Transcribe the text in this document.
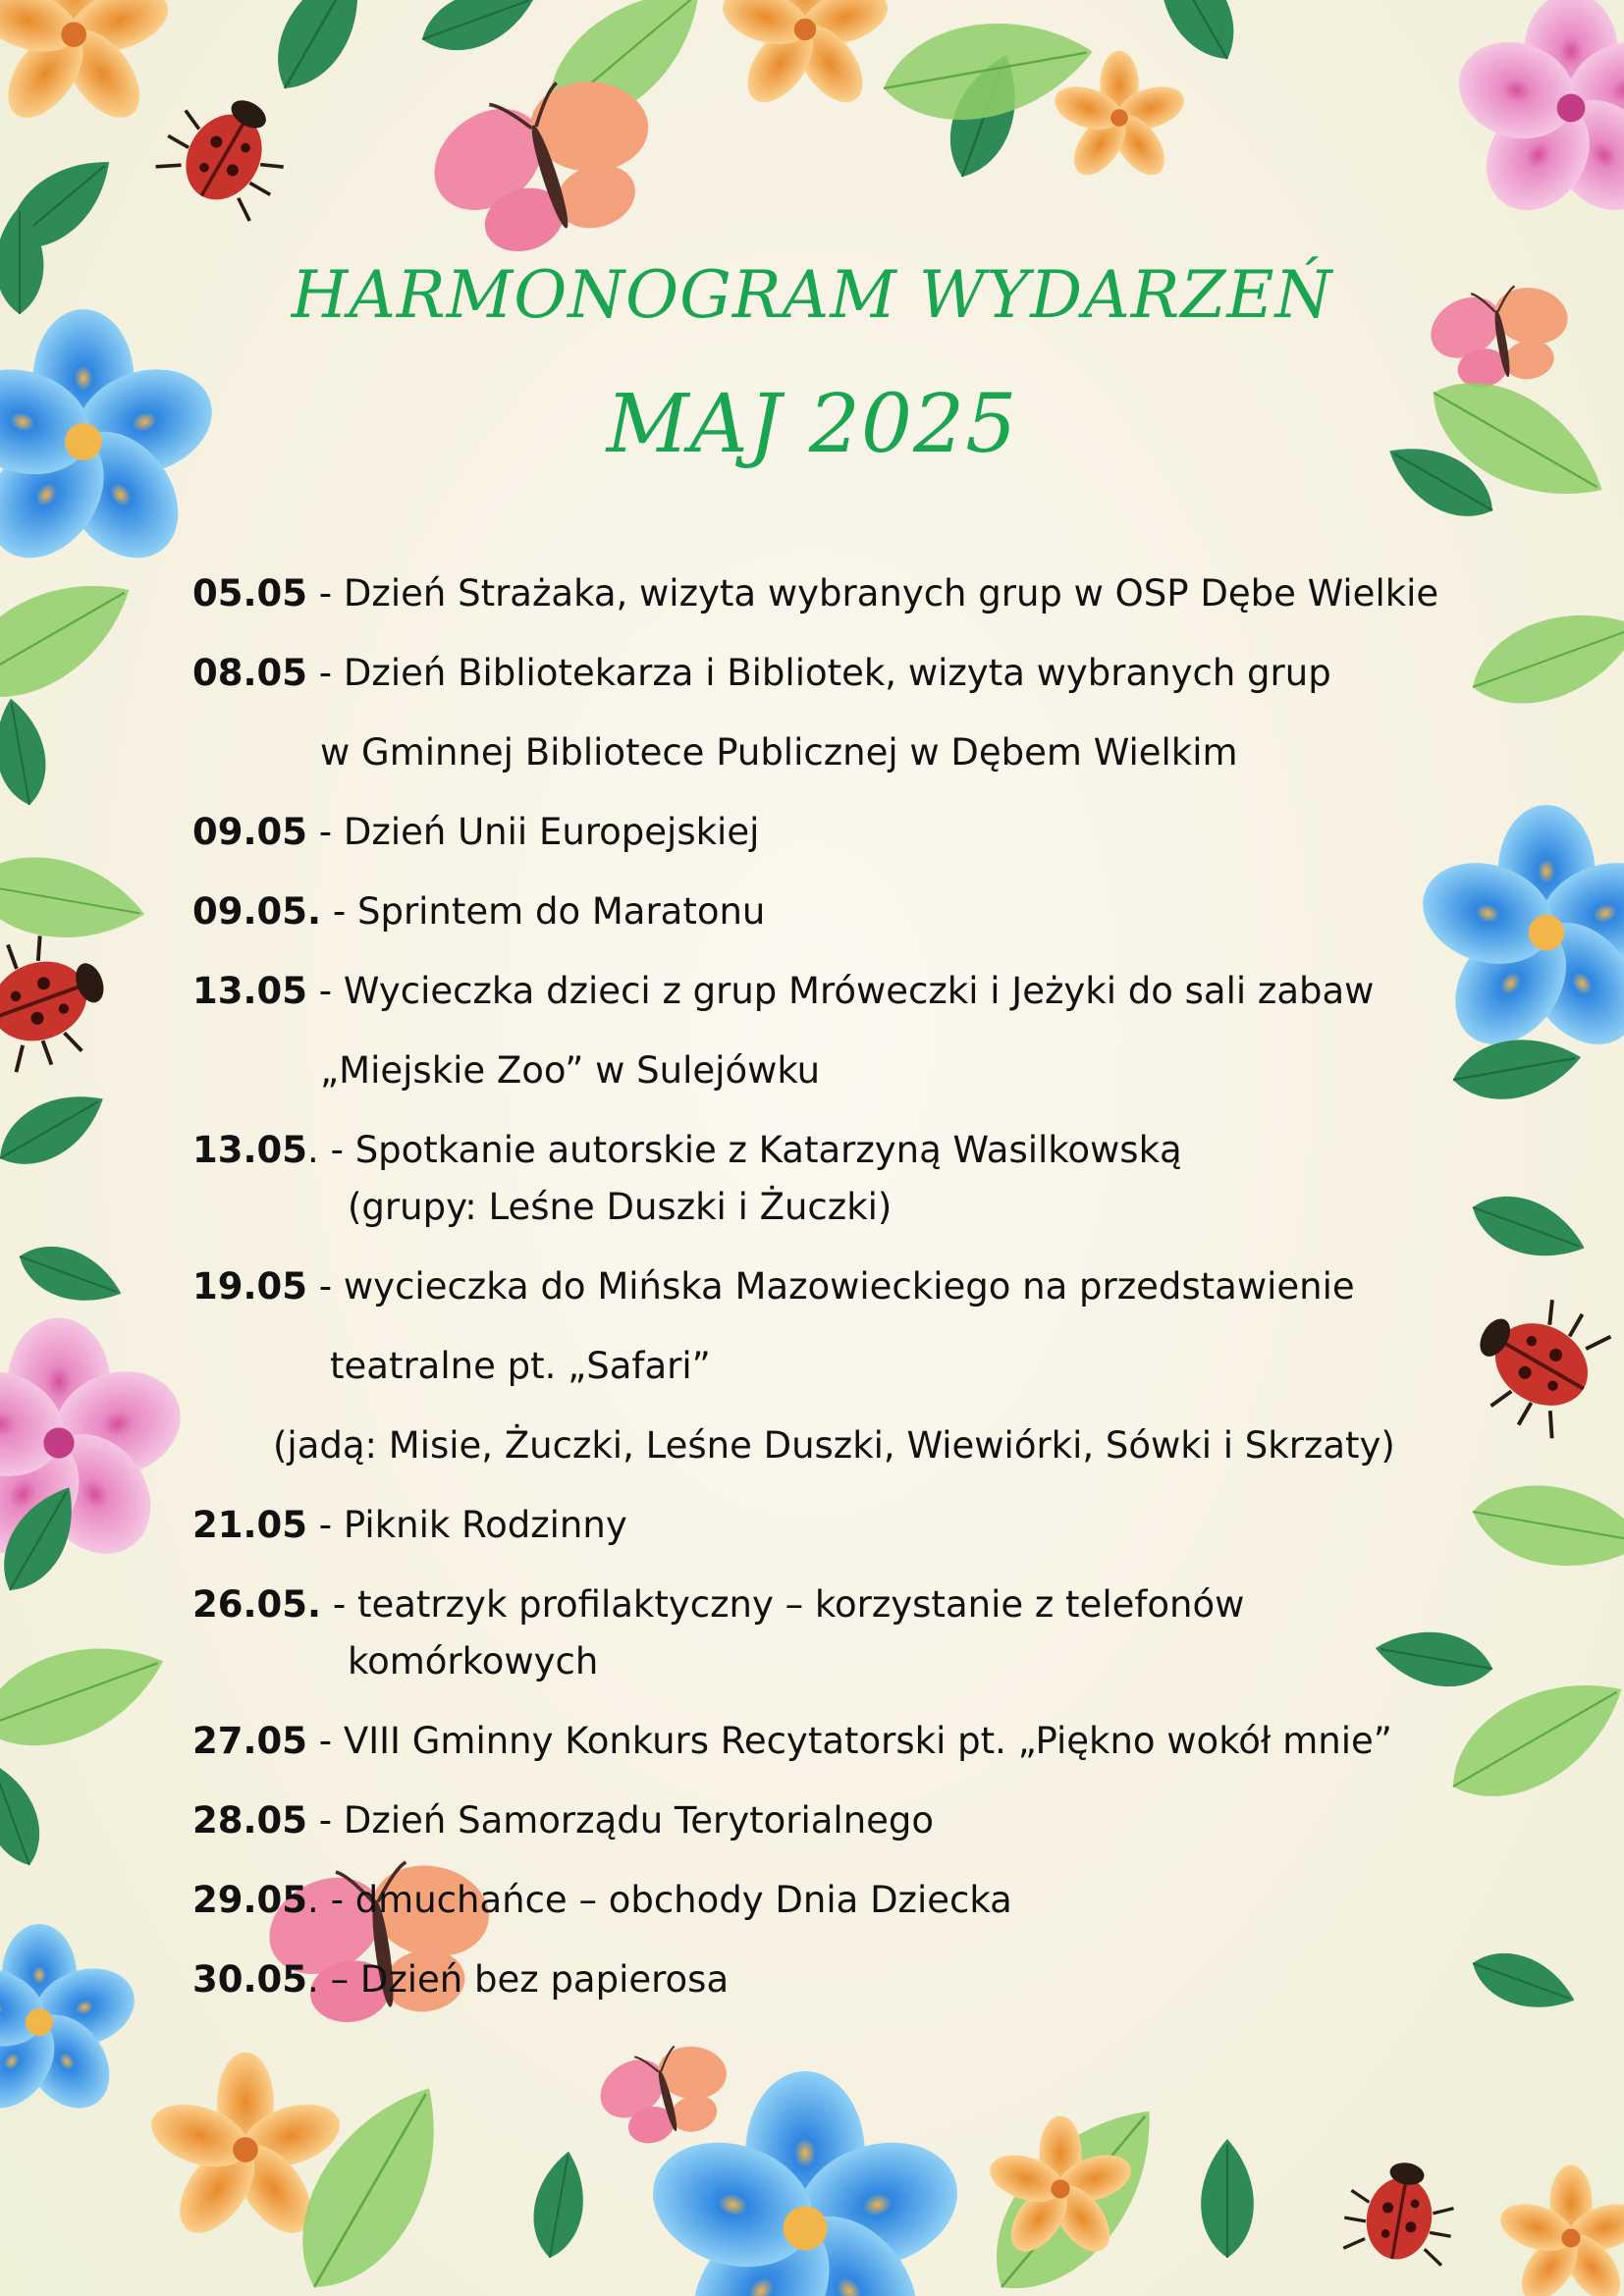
HARMONOGRAM WYDARZEŃ
MAJ 2025
05.05 - Dzień Strażaka, wizyta wybranych grup w OSP Dębe Wielkie
08.05 - Dzień Bibliotekarza i Bibliotek, wizyta wybranych grup
w Gminnej Bibliotece Publicznej w Dębem Wielkim
09.05 - Dzień Unii Europejskiej
09.05. - Sprintem do Maratonu
13.05 - Wycieczka dzieci z grup Mróweczki i Jeżyki do sali zabaw
„Miejskie Zoo” w Sulejówku
13.05. - Spotkanie autorskie z Katarzyną Wasilkowską
(grupy: Leśne Duszki i Żuczki)
19.05 - wycieczka do Mińska Mazowieckiego na przedstawienie
teatralne pt. „Safari”
(jadą: Misie, Żuczki, Leśne Duszki, Wiewiórki, Sówki i Skrzaty)
21.05 - Piknik Rodzinny
26.05. - teatrzyk profilaktyczny – korzystanie z telefonów
komórkowych
27.05 - VIII Gminny Konkurs Recytatorski pt. „Piękno wokół mnie”
28.05 - Dzień Samorządu Terytorialnego
29.05. - dmuchańce – obchody Dnia Dziecka
30.05. – Dzień bez papierosa
